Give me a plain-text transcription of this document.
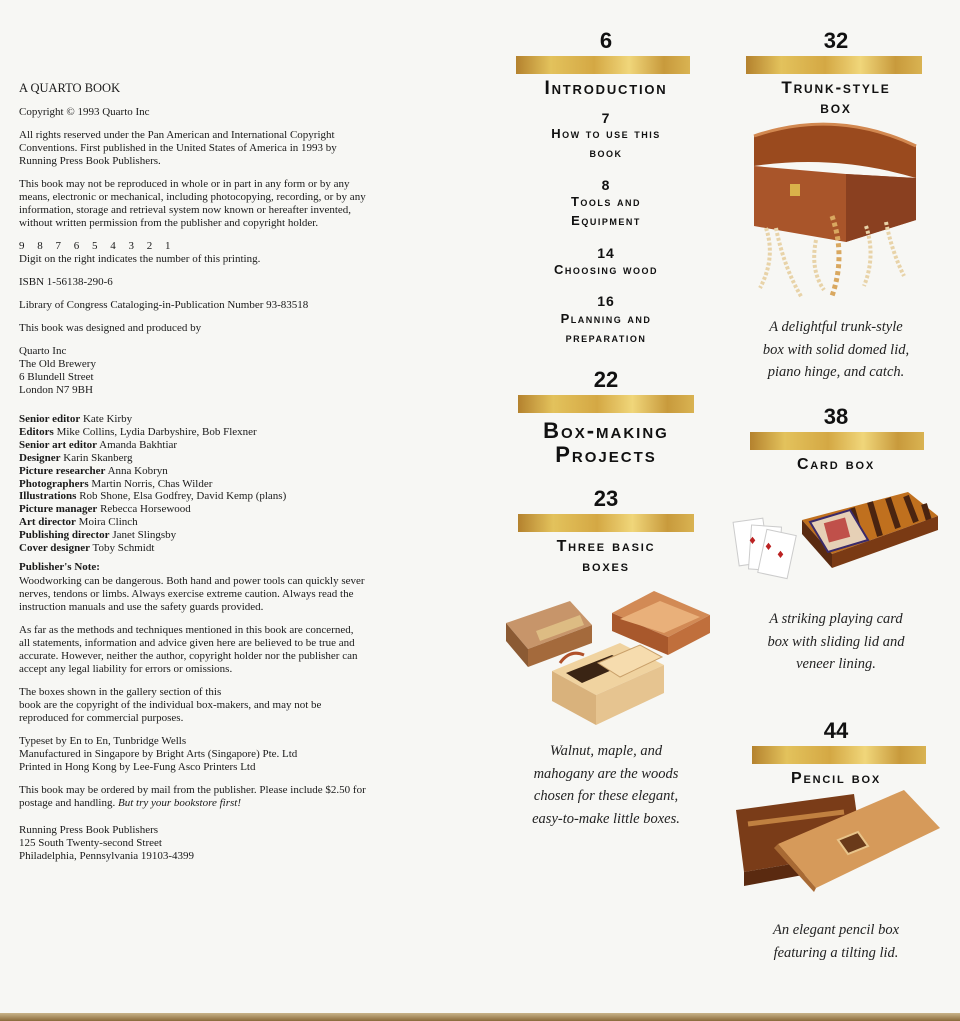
A QUARTO BOOK

Copyright © 1993 Quarto Inc

All rights reserved under the Pan American and International Copyright
Conventions. First published in the United States of America in 1993 by
Running Press Book Publishers.

This book may not be reproduced in whole or in part in any form or by any
means, electronic or mechanical, including photocopying, recording, or by any
information, storage and retrieval system now known or hereafter invented,
without written permission from the publisher and copyright holder.

9 8 7 6 5 4 3 2 1
Digit on the right indicates the number of this printing.

ISBN 1-56138-290-6

Library of Congress Cataloging-in-Publication Number 93-83518

This book was designed and produced by

Quarto Inc
The Old Brewery
6 Blundell Street
London N7 9BH

Senior editor Kate Kirby
Editors Mike Collins, Lydia Darbyshire, Bob Flexner
Senior art editor Amanda Bakhtiar
Designer Karin Skanberg
Picture researcher Anna Kobryn
Photographers Martin Norris, Chas Wilder
Illustrations Rob Shone, Elsa Godfrey, David Kemp (plans)
Picture manager Rebecca Horsewood
Art director Moira Clinch
Publishing director Janet Slingsby
Cover designer Toby Schmidt

Publisher's Note:

Woodworking can be dangerous. Both hand and power tools can quickly sever
nerves, tendons or limbs. Always exercise extreme caution. Always read the
instruction manuals and use the safety guards provided.

As far as the methods and techniques mentioned in this book are concerned,
all statements, information and advice given here are believed to be true and
accurate. However, neither the author, copyright holder nor the publisher can
accept any legal liability for errors or omissions.

The boxes shown in the gallery section of this
book are the copyright of the individual box-makers, and may not be
reproduced for commercial purposes.

Typeset by En to En, Tunbridge Wells
Manufactured in Singapore by Bright Arts (Singapore) Pte. Ltd
Printed in Hong Kong by Lee-Fung Asco Printers Ltd

This book may be ordered by mail from the publisher. Please include $2.50 for
postage and handling. But try your bookstore first!

Running Press Book Publishers
125 South Twenty-second Street
Philadelphia, Pennsylvania 19103-4399

6
Introduction
7
How to use this
book
8
Tools and
Equipment
14
Choosing wood
16
Planning and
preparation
22
Box-making
Projects
23
Three basic
boxes
Walnut, maple, and
mahogany are the woods
chosen for these elegant,
easy-to-make little boxes.
32
Trunk-style
box
A delightful trunk-style
box with solid domed lid,
piano hinge, and catch.
38
Card box
♦
♦
♦
A striking playing card
box with sliding lid and
veneer lining.
44
Pencil box
An elegant pencil box
featuring a tilting lid.
